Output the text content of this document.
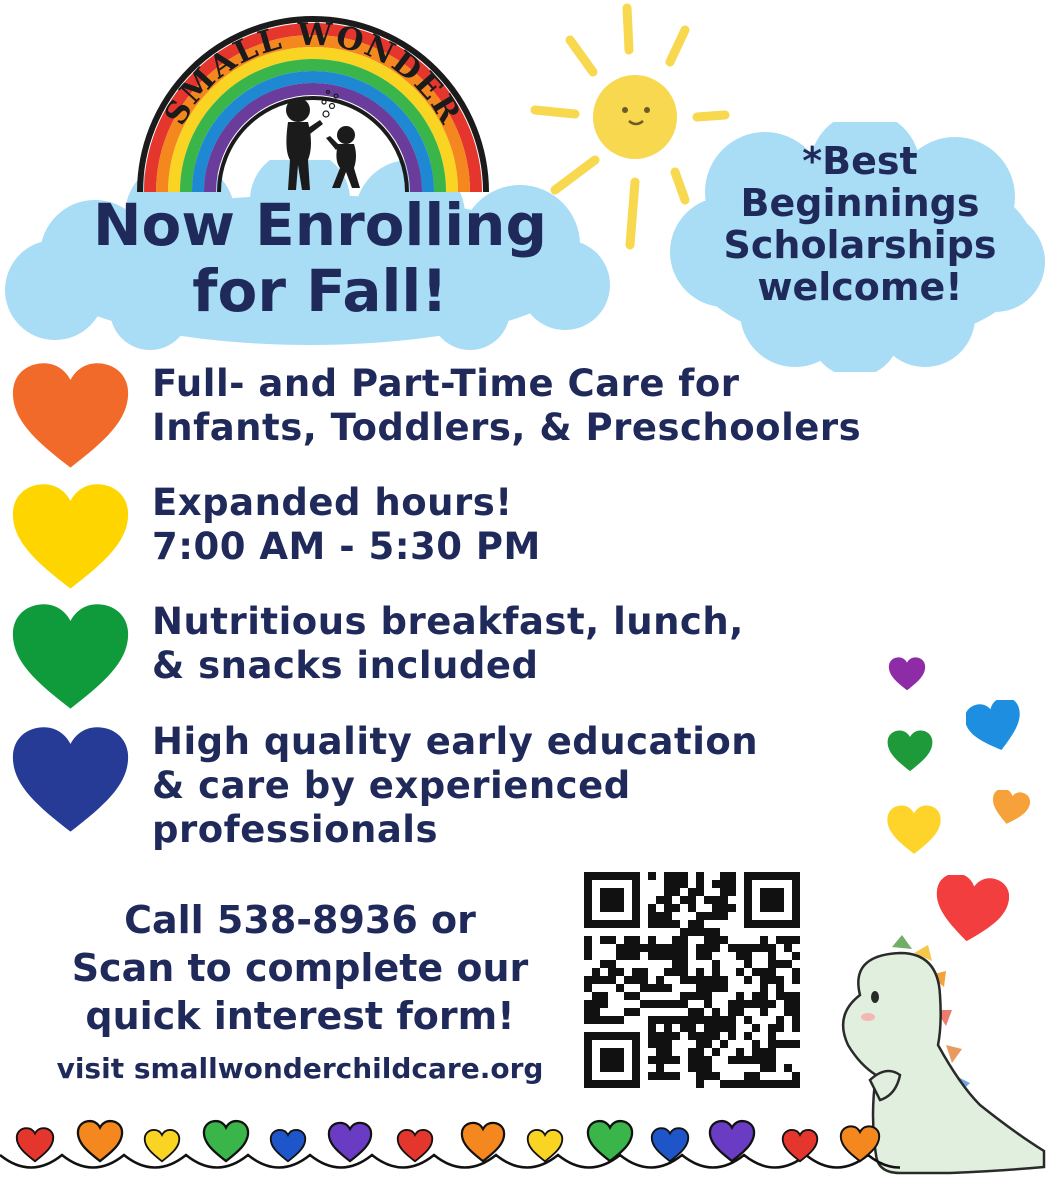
SMALL WONDER
Now Enrolling
for Fall!
*Best
Beginnings
Scholarships
welcome!
Full- and Part-Time Care for
Infants, Toddlers, & Preschoolers
Expanded hours!
7:00 AM - 5:30 PM
Nutritious breakfast, lunch,
& snacks included
High quality early education
& care by experienced
professionals
Call 538-8936 or
Scan to complete our
quick interest form!
visit smallwonderchildcare.org
